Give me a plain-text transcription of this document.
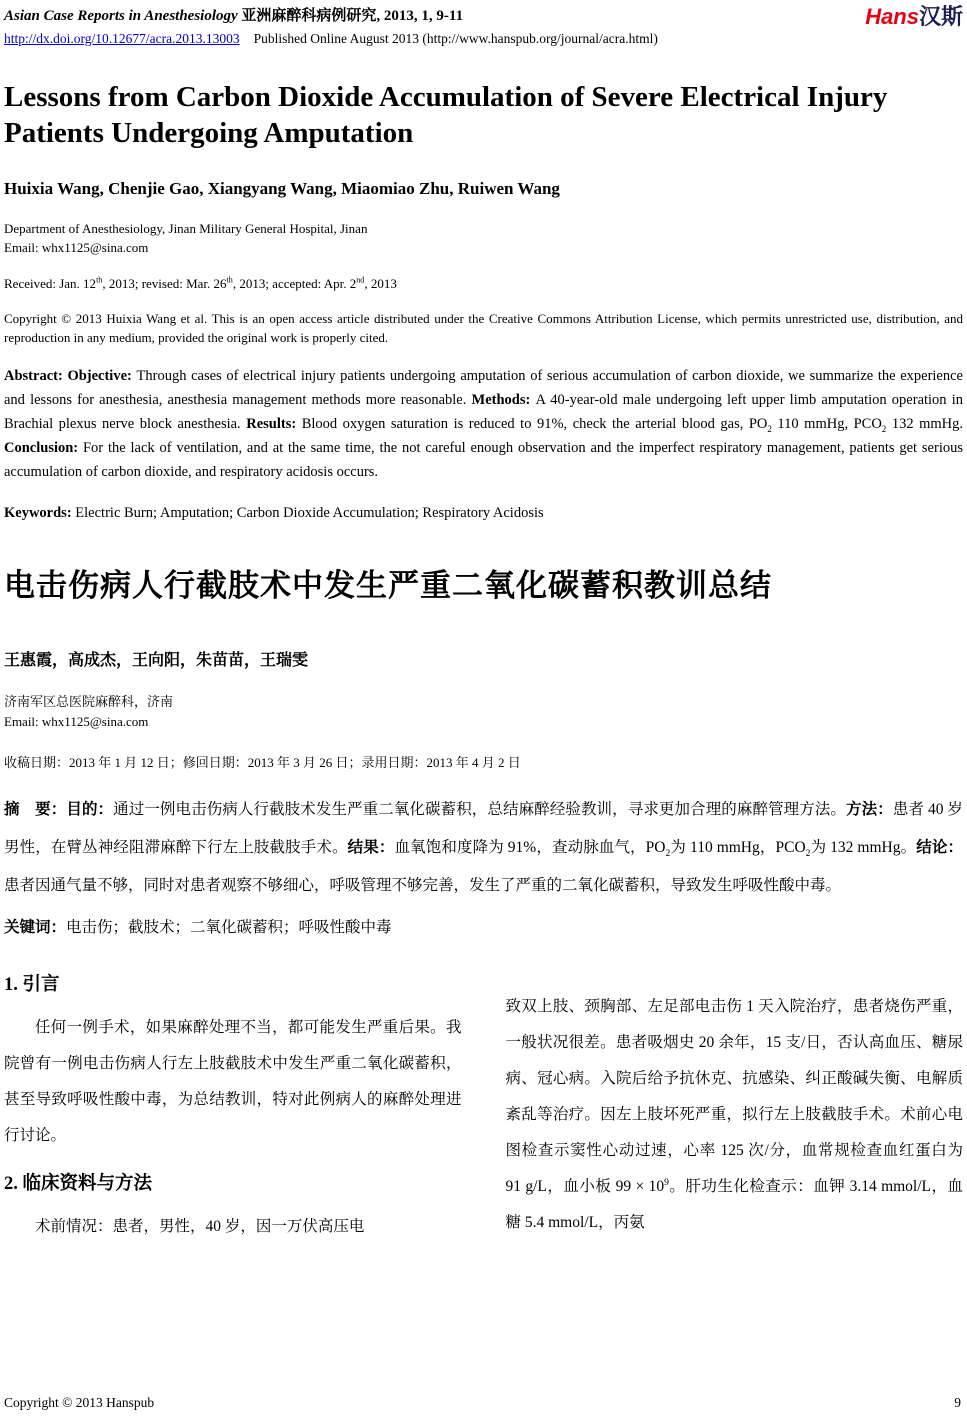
Asian Case Reports in Anesthesiology 亚洲麻醉科病例研究, 2013, 1, 9-11	Hans汉斯
http://dx.doi.org/10.12677/acra.2013.13003 Published Online August 2013 (http://www.hanspub.org/journal/acra.html)
Lessons from Carbon Dioxide Accumulation of Severe Electrical Injury Patients Undergoing Amputation
Huixia Wang, Chenjie Gao, Xiangyang Wang, Miaomiao Zhu, Ruiwen Wang
Department of Anesthesiology, Jinan Military General Hospital, Jinan
Email: whx1125@sina.com
Received: Jan. 12th, 2013; revised: Mar. 26th, 2013; accepted: Apr. 2nd, 2013
Copyright © 2013 Huixia Wang et al. This is an open access article distributed under the Creative Commons Attribution License, which permits unrestricted use, distribution, and reproduction in any medium, provided the original work is properly cited.
Abstract: Objective: Through cases of electrical injury patients undergoing amputation of serious accumulation of carbon dioxide, we summarize the experience and lessons for anesthesia, anesthesia management methods more reasonable. Methods: A 40-year-old male undergoing left upper limb amputation operation in Brachial plexus nerve block anesthesia. Results: Blood oxygen saturation is reduced to 91%, check the arterial blood gas, $PO_2$ 110 mmHg, $PCO_2$ 132 mmHg. Conclusion: For the lack of ventilation, and at the same time, the not careful enough observation and the imperfect respiratory management, patients get serious accumulation of carbon dioxide, and respiratory acidosis occurs.
Keywords: Electric Burn; Amputation; Carbon Dioxide Accumulation; Respiratory Acidosis
电击伤病人行截肢术中发生严重二氧化碳蓄积教训总结
王惠霞，高成杰，王向阳，朱苗苗，王瑞雯
济南军区总医院麻醉科，济南
Email: whx1125@sina.com
收稿日期：2013 年 1 月 12 日；修回日期：2013 年 3 月 26 日；录用日期：2013 年 4 月 2 日
摘　要：目的：通过一例电击伤病人行截肢术发生严重二氧化碳蓄积，总结麻醉经验教训，寻求更加合理的麻醉管理方法。方法：患者 40 岁男性，在臂丛神经阻滞麻醉下行左上肢截肢手术。结果：血氧饱和度降为 91%，查动脉血气，$PO_2$为 110 mmHg，$PCO_2$为 132 mmHg。结论：患者因通气量不够，同时对患者观察不够细心，呼吸管理不够完善，发生了严重的二氧化碳蓄积，导致发生呼吸性酸中毒。
关键词：电击伤；截肢术；二氧化碳蓄积；呼吸性酸中毒
1. 引言
任何一例手术，如果麻醉处理不当，都可能发生严重后果。我院曾有一例电击伤病人行左上肢截肢术中发生严重二氧化碳蓄积，甚至导致呼吸性酸中毒，为总结教训，特对此例病人的麻醉处理进行讨论。
2. 临床资料与方法
术前情况：患者，男性，40 岁，因一万伏高压电
致双上肢、颈胸部、左足部电击伤 1 天入院治疗，患者烧伤严重，一般状况很差。患者吸烟史 20 余年，15 支/日，否认高血压、糖尿病、冠心病。入院后给予抗休克、抗感染、纠正酸碱失衡、电解质紊乱等治疗。因左上肢坏死严重，拟行左上肢截肢手术。术前心电图检查示窦性心动过速，心率 125 次/分，血常规检查血红蛋白为 91 g/L，血小板 $99 \times 10^9$。肝功生化检查示：血钾 3.14 mmol/L，血糖 5.4 mmol/L，丙氨
Copyright © 2013 Hanspub	9
